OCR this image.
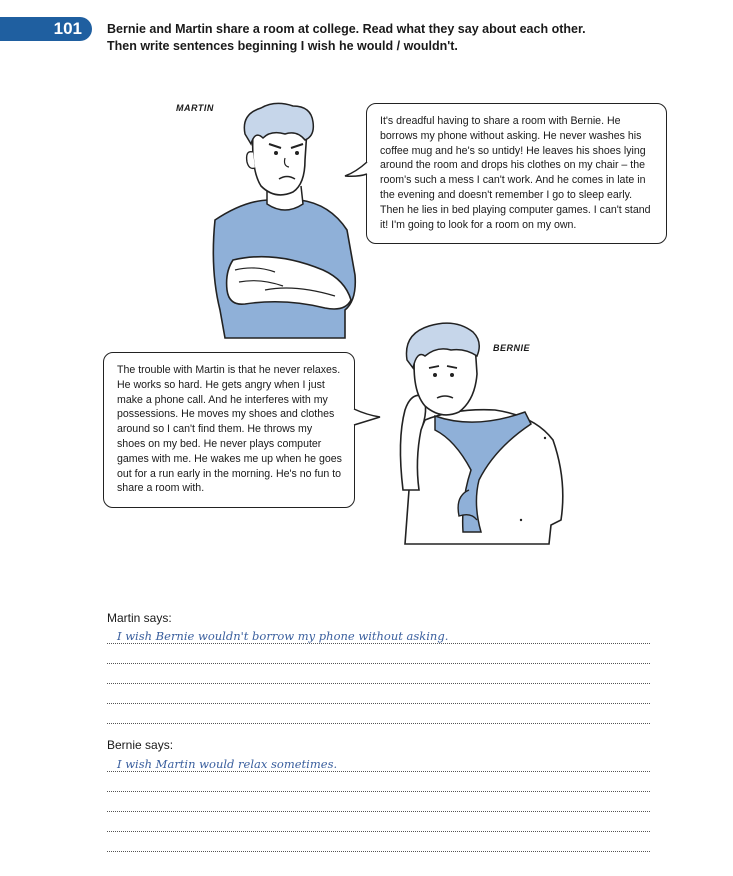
101	Bernie and Martin share a room at college. Read what they say about each other.
Then write sentences beginning I wish he would / wouldn't.
MARTIN
It's dreadful having to share a room with Bernie. He borrows my phone without asking. He never washes his coffee mug and he's so untidy! He leaves his shoes lying around the room and drops his clothes on my chair – the room's such a mess I can't work. And he comes in late in the evening and doesn't remember I go to sleep early. Then he lies in bed playing computer games. I can't stand it! I'm going to look for a room on my own.
BERNIE
The trouble with Martin is that he never relaxes. He works so hard. He gets angry when I just make a phone call. And he interferes with my possessions. He moves my shoes and clothes around so I can't find them. He throws my shoes on my bed. He never plays computer games with me. He wakes me up when he goes out for a run early in the morning. He's no fun to share a room with.
Martin says:
I wish Bernie wouldn't borrow my phone without asking.
Bernie says:
I wish Martin would relax sometimes.
